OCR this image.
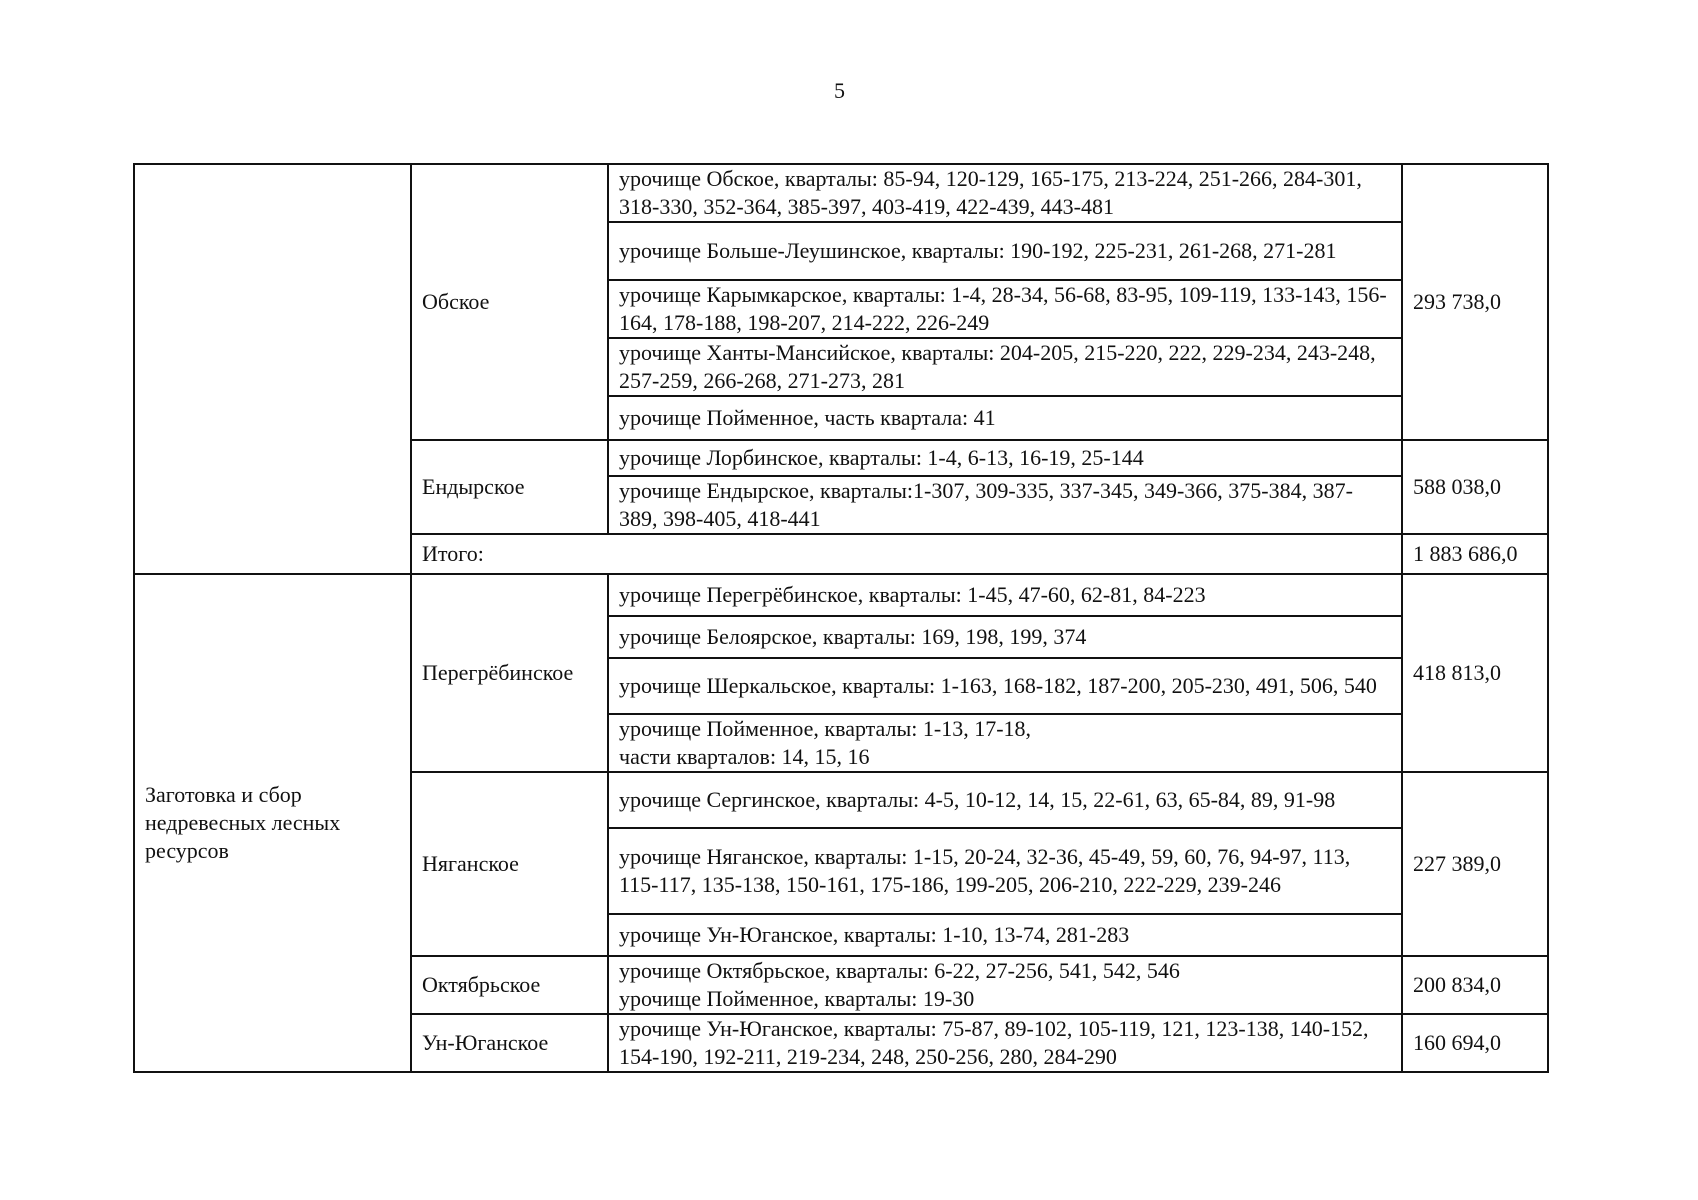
5
	Обское	урочище Обское, кварталы: 85-94, 120-129, 165-175, 213-224, 251-266, 284-301, 318-330, 352-364, 385-397, 403-419, 422-439, 443-481	293 738,0
		урочище Больше-Леушинское, кварталы: 190-192, 225-231, 261-268, 271-281	
		урочище Карымкарское, кварталы: 1-4, 28-34, 56-68, 83-95, 109-119, 133-143, 156-164, 178-188, 198-207, 214-222, 226-249	
		урочище Ханты-Мансийское, кварталы: 204-205, 215-220, 222, 229-234, 243-248, 257-259, 266-268, 271-273, 281	
		урочище Пойменное, часть квартала: 41	
	Ендырское	урочище Лорбинское, кварталы: 1-4, 6-13, 16-19, 25-144	588 038,0
		урочище Ендырское, кварталы:1-307, 309-335, 337-345, 349-366, 375-384, 387-389, 398-405, 418-441	
	Итого:		1 883 686,0
Заготовка и сбор недревесных лесных ресурсов	Перегрёбинское	урочище Перегрёбинское, кварталы: 1-45, 47-60, 62-81, 84-223	418 813,0
		урочище Белоярское, кварталы: 169, 198, 199, 374	
		урочище Шеркальское, кварталы: 1-163, 168-182, 187-200, 205-230, 491, 506, 540	

		урочище Пойменное, кварталы: 1-13, 17-18,
части кварталов: 14, 15, 16	

	Няганское	урочище Сергинское, кварталы: 4-5, 10-12, 14, 15, 22-61, 63, 65-84, 89, 91-98	227 389,0
		урочище Няганское, кварталы: 1-15, 20-24, 32-36, 45-49, 59, 60, 76, 94-97, 113, 115-117, 135-138, 150-161, 175-186, 199-205, 206-210, 222-229, 239-246	
		урочище Ун-Юганское, кварталы: 1-10, 13-74, 281-283	
	Октябрьское	урочище Октябрьское, кварталы: 6-22, 27-256, 541, 542, 546
урочище Пойменное, кварталы: 19-30	200 834,0
	Ун-Юганское	урочище Ун-Юганское, кварталы: 75-87, 89-102, 105-119, 121, 123-138, 140-152, 154-190, 192-211, 219-234, 248, 250-256, 280, 284-290	160 694,0
